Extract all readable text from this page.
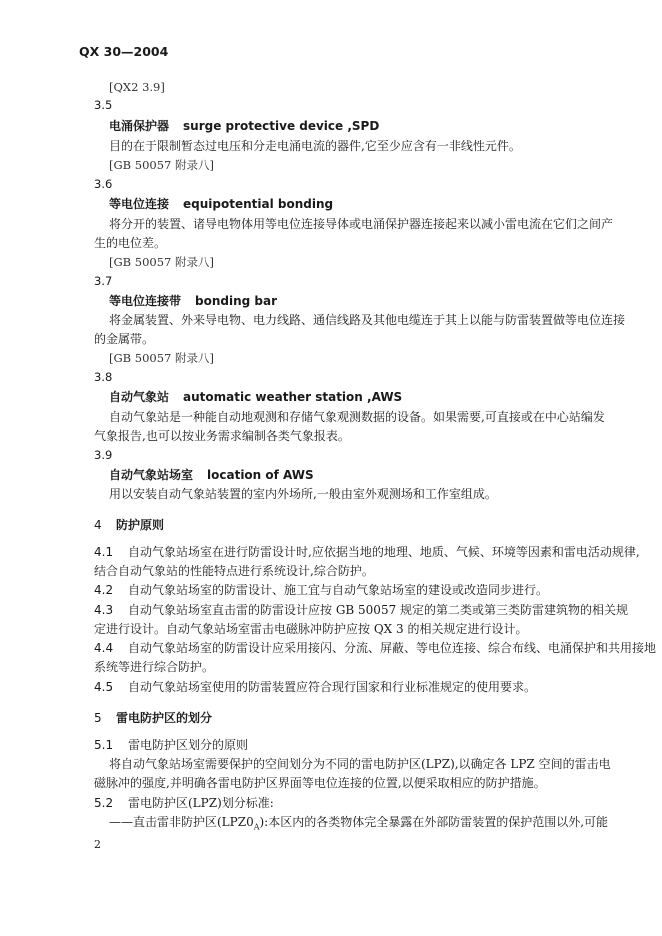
QX 30—2004
[QX2 3.9]
3.5
电涌保护器 surge protective device ,SPD
目的在于限制暂态过电压和分走电涌电流的器件,它至少应含有一非线性元件。
[GB 50057 附录八]
3.6
等电位连接 equipotential bonding
将分开的装置、诸导电物体用等电位连接导体或电涌保护器连接起来以减小雷电流在它们之间产
生的电位差。
[GB 50057 附录八]
3.7
等电位连接带 bonding bar
将金属装置、外来导电物、电力线路、通信线路及其他电缆连于其上以能与防雷装置做等电位连接
的金属带。
[GB 50057 附录八]
3.8
自动气象站 automatic weather station ,AWS
自动气象站是一种能自动地观测和存储气象观测数据的设备。如果需要,可直接或在中心站编发
气象报告,也可以按业务需求编制各类气象报表。
3.9
自动气象站场室 location of AWS
用以安装自动气象站装置的室内外场所,一般由室外观测场和工作室组成。
4 防护原则
4.1 自动气象站场室在进行防雷设计时,应依据当地的地理、地质、气候、环境等因素和雷电活动规律,
结合自动气象站的性能特点进行系统设计,综合防护。
4.2 自动气象站场室的防雷设计、施工宜与自动气象站场室的建设或改造同步进行。
4.3 自动气象站场室直击雷的防雷设计应按 GB 50057 规定的第二类或第三类防雷建筑物的相关规
定进行设计。自动气象站场室雷击电磁脉冲防护应按 QX 3 的相关规定进行设计。
4.4 自动气象站场室的防雷设计应采用接闪、分流、屏蔽、等电位连接、综合布线、电涌保护和共用接地
系统等进行综合防护。
4.5 自动气象站场室使用的防雷装置应符合现行国家和行业标准规定的使用要求。
5 雷电防护区的划分
5.1 雷电防护区划分的原则
将自动气象站场室需要保护的空间划分为不同的雷电防护区(LPZ),以确定各 LPZ 空间的雷击电
磁脉冲的强度,并明确各雷电防护区界面等电位连接的位置,以便采取相应的防护措施。
5.2 雷电防护区(LPZ)划分标准:
——直击雷非防护区$(LPZ0_A)$:本区内的各类物体完全暴露在外部防雷装置的保护范围以外,可能
2
